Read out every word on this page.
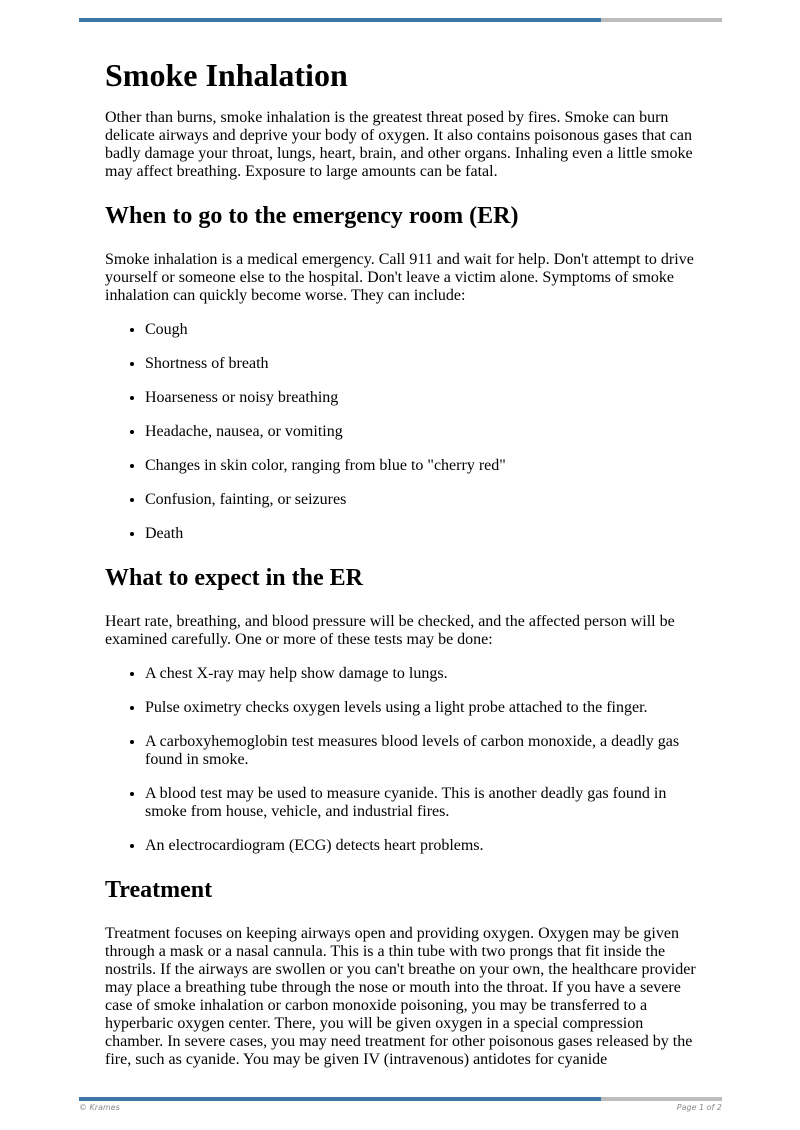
Smoke Inhalation

Other than burns, smoke inhalation is the greatest threat posed by fires. Smoke can burn delicate airways and deprive your body of oxygen. It also contains poisonous gases that can badly damage your throat, lungs, heart, brain, and other organs. Inhaling even a little smoke may affect breathing. Exposure to large amounts can be fatal.

When to go to the emergency room (ER)

Smoke inhalation is a medical emergency. Call 911 and wait for help. Don't attempt to drive yourself or someone else to the hospital. Don't leave a victim alone. Symptoms of smoke inhalation can quickly become worse. They can include:

• Cough
• Shortness of breath
• Hoarseness or noisy breathing
• Headache, nausea, or vomiting
• Changes in skin color, ranging from blue to "cherry red"
• Confusion, fainting, or seizures
• Death
What to expect in the ER

Heart rate, breathing, and blood pressure will be checked, and the affected person will be examined carefully. One or more of these tests may be done:

• A chest X-ray may help show damage to lungs.
• Pulse oximetry checks oxygen levels using a light probe attached to the finger.
• A carboxyhemoglobin test measures blood levels of carbon monoxide, a deadly gas found in smoke.
• A blood test may be used to measure cyanide. This is another deadly gas found in smoke from house, vehicle, and industrial fires.
• An electrocardiogram (ECG) detects heart problems.
Treatment

Treatment focuses on keeping airways open and providing oxygen. Oxygen may be given through a mask or a nasal cannula. This is a thin tube with two prongs that fit inside the nostrils. If the airways are swollen or you can't breathe on your own, the healthcare provider may place a breathing tube through the nose or mouth into the throat. If you have a severe case of smoke inhalation or carbon monoxide poisoning, you may be transferred to a hyperbaric oxygen center. There, you will be given oxygen in a special compression chamber. In severe cases, you may need treatment for other poisonous gases released by the fire, such as cyanide. You may be given IV (intravenous) antidotes for cyanide

© Krames	Page 1 of 2
